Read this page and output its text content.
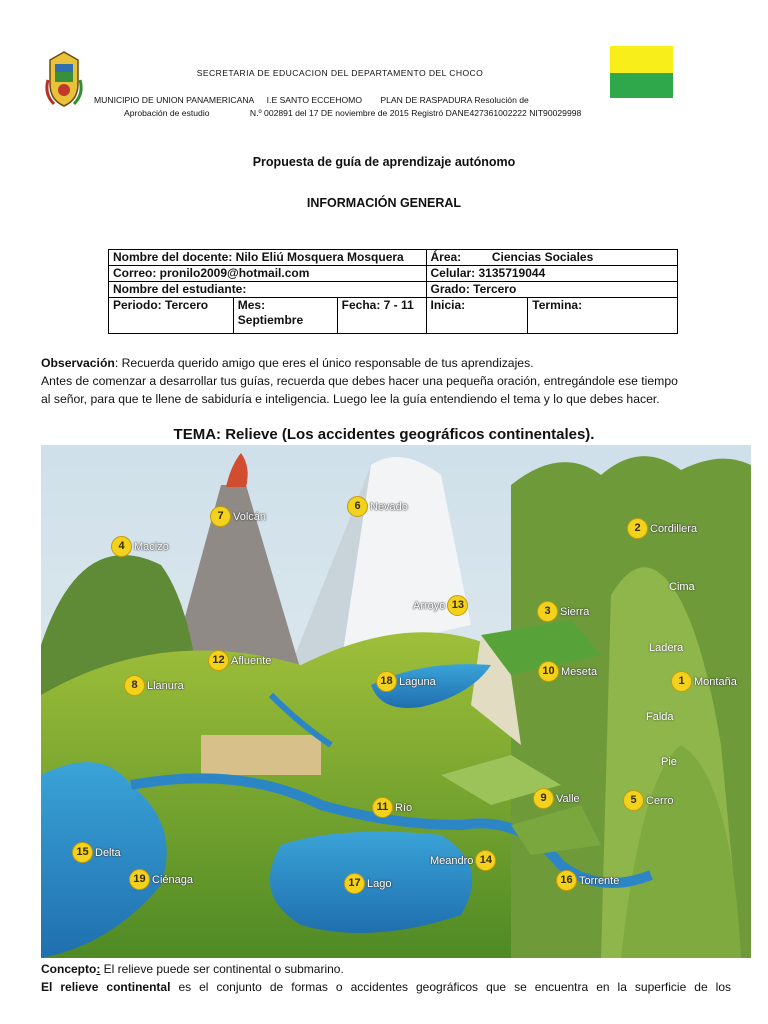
SECRETARIA DE EDUCACION DEL DEPARTAMENTO DEL CHOCO
MUNICIPIO DE UNION PANAMERICANA I.E SANTO ECCEHOMO PLAN DE RASPADURA Resolución de
Aprobación de estudio	N.º 002891 del 17 DE noviembre de 2015 Registró DANE427361002222 NIT90029998
Propuesta de guía de aprendizaje autónomo
INFORMACIÓN GENERAL
Nombre del docente: Nilo Eliú Mosquera Mosquera			Área: Ciencias Sociales	
Correo: pronilo2009@hotmail.com			Celular: 3135719044	
Nombre del estudiante:			Grado: Tercero	
Periodo: Tercero	Mes:
Septiembre	Fecha: 7 - 11	Inicia:	Termina:

Observación: Recuerda querido amigo que eres el único responsable de tus aprendizajes.

Antes de comenzar a desarrollar tus guías, recuerda que debes hacer una pequeña oración, entregándole ese tiempo

al señor, para que te llene de sabiduría e inteligencia. Luego lee la guía entendiendo el tema y lo que debes hacer.

TEMA: Relieve (Los accidentes geográficos continentales).
1 Montaña
2 Cordillera
3 Sierra
4 Macizo
5 Cerro
6 Nevado
7 Volcán
8 Llanura
9 Valle
10 Meseta
11 Río
12 Afluente
Arroyo 13
Meandro 14
15 Delta
16 Torrente
17 Lago
18 Laguna
19 Ciénaga
Cima
Ladera
Falda
Pie

Concepto: El relieve puede ser continental o submarino.

El relieve continental es el conjunto de formas o accidentes geográficos que se encuentra en la superficie de los
